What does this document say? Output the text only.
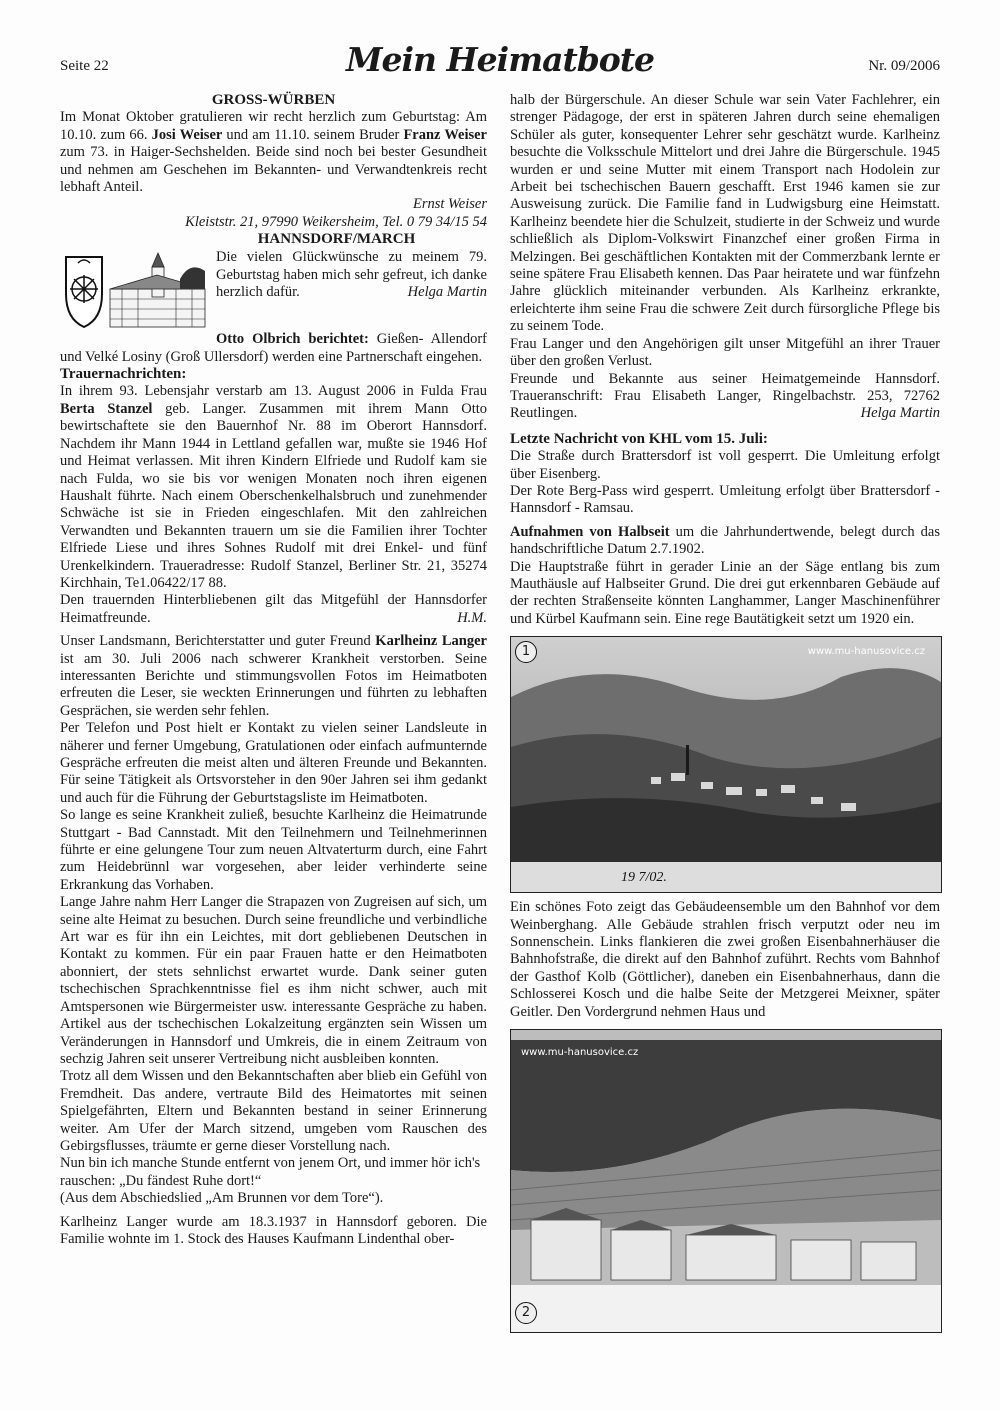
Seite 22	Mein Heimatbote	Nr. 09/2006

GROSS-WÜRBEN

Im Monat Oktober gratulieren wir recht herzlich zum Geburtstag: Am 10.10. zum 66. Josi Weiser und am 11.10. seinem Bruder Franz Weiser zum 73. in Haiger-Sechshelden. Beide sind noch bei bester Gesundheit und nehmen am Geschehen im Bekannten- und Verwandtenkreis recht lebhaft Anteil.

Ernst Weiser

Kleiststr. 21, 97990 Weikersheim, Tel. 0 79 34/15 54

HANNSDORF/MARCH

Die vielen Glückwünsche zu meinem 79. Geburtstag haben mich sehr gefreut, ich danke herzlich dafür.	Helga Martin

Otto Olbrich berichtet: Gießen- Allendorf und Velké Losiny (Groß Ullersdorf) werden eine Partnerschaft eingehen.

Trauernachrichten:

In ihrem 93. Lebensjahr verstarb am 13. August 2006 in Fulda Frau Berta Stanzel geb. Langer. Zusammen mit ihrem Mann Otto bewirtschaftete sie den Bauernhof Nr. 88 im Oberort Hannsdorf. Nachdem ihr Mann 1944 in Lettland gefallen war, mußte sie 1946 Hof und Heimat verlassen. Mit ihren Kindern Elfriede und Rudolf kam sie nach Fulda, wo sie bis vor wenigen Monaten noch ihren eigenen Haushalt führte. Nach einem Oberschenkelhalsbruch und zunehmender Schwäche ist sie in Frieden eingeschlafen. Mit den zahlreichen Verwandten und Bekannten trauern um sie die Familien ihrer Tochter Elfriede Liese und ihres Sohnes Rudolf mit drei Enkel- und fünf Urenkelkindern. Traueradresse: Rudolf Stanzel, Berliner Str. 21, 35274 Kirchhain, Te1.06422/17 88.

Den trauernden Hinterbliebenen gilt das Mitgefühl der Hannsdorfer Heimatfreunde.	H.M.

Unser Landsmann, Berichterstatter und guter Freund Karlheinz Langer ist am 30. Juli 2006 nach schwerer Krankheit verstorben. Seine interessanten Berichte und stimmungsvollen Fotos im Heimatboten erfreuten die Leser, sie weckten Erinnerungen und führten zu lebhaften Gesprächen, sie werden sehr fehlen.

Per Telefon und Post hielt er Kontakt zu vielen seiner Landsleute in näherer und ferner Umgebung, Gratulationen oder einfach aufmunternde Gespräche erfreuten die meist alten und älteren Freunde und Bekannten. Für seine Tätigkeit als Ortsvorsteher in den 90er Jahren sei ihm gedankt und auch für die Führung der Geburtstagsliste im Heimatboten.

So lange es seine Krankheit zuließ, besuchte Karlheinz die Heimatrunde Stuttgart - Bad Cannstadt. Mit den Teilnehmern und Teilnehmerinnen führte er eine gelungene Tour zum neuen Altvaterturm durch, eine Fahrt zum Heidebrünnl war vorgesehen, aber leider verhinderte seine Erkrankung das Vorhaben.

Lange Jahre nahm Herr Langer die Strapazen von Zugreisen auf sich, um seine alte Heimat zu besuchen. Durch seine freundliche und verbindliche Art war es für ihn ein Leichtes, mit dort gebliebenen Deutschen in Kontakt zu kommen. Für ein paar Frauen hatte er den Heimatboten abonniert, der stets sehnlichst erwartet wurde. Dank seiner guten tschechischen Sprachkenntnisse fiel es ihm nicht schwer, auch mit Amtspersonen wie Bürgermeister usw. interessante Gespräche zu haben. Artikel aus der tschechischen Lokalzeitung ergänzten sein Wissen um Veränderungen in Hannsdorf und Umkreis, die in einem Zeitraum von sechzig Jahren seit unserer Vertreibung nicht ausbleiben konnten.

Trotz all dem Wissen und den Bekanntschaften aber blieb ein Gefühl von Fremdheit. Das andere, vertraute Bild des Heimatortes mit seinen Spielgefährten, Eltern und Bekannten bestand in seiner Erinnerung weiter. Am Ufer der March sitzend, umgeben vom Rauschen des Gebirgsflusses, träumte er gerne dieser Vorstellung nach.

Nun bin ich manche Stunde entfernt von jenem Ort, und immer hör ich's rauschen: „Du fändest Ruhe dort!“

(Aus dem Abschiedslied „Am Brunnen vor dem Tore“).

Karlheinz Langer wurde am 18.3.1937 in Hannsdorf geboren. Die Familie wohnte im 1. Stock des Hauses Kaufmann Lindenthal ober-

halb der Bürgerschule. An dieser Schule war sein Vater Fachlehrer, ein strenger Pädagoge, der erst in späteren Jahren durch seine ehemaligen Schüler als guter, konsequenter Lehrer sehr geschätzt wurde. Karlheinz besuchte die Volksschule Mittelort und drei Jahre die Bürgerschule. 1945 wurden er und seine Mutter mit einem Transport nach Hodolein zur Arbeit bei tschechischen Bauern geschafft. Erst 1946 kamen sie zur Ausweisung zurück. Die Familie fand in Ludwigsburg eine Heimstatt. Karlheinz beendete hier die Schulzeit, studierte in der Schweiz und wurde schließlich als Diplom-Volkswirt Finanzchef einer großen Firma in Melzingen. Bei geschäftlichen Kontakten mit der Commerzbank lernte er seine spätere Frau Elisabeth kennen. Das Paar heiratete und war fünfzehn Jahre glücklich miteinander verbunden. Als Karlheinz erkrankte, erleichterte ihm seine Frau die schwere Zeit durch fürsorgliche Pflege bis zu seinem Tode.

Frau Langer und den Angehörigen gilt unser Mitgefühl an ihrer Trauer über den großen Verlust.

Freunde und Bekannte aus seiner Heimatgemeinde Hannsdorf. Traueranschrift: Frau Elisabeth Langer, Ringelbachstr. 253, 72762 Reutlingen.	Helga Martin

Letzte Nachricht von KHL vom 15. Juli:

Die Straße durch Brattersdorf ist voll gesperrt. Die Umleitung erfolgt über Eisenberg.

Der Rote Berg-Pass wird gesperrt. Umleitung erfolgt über Brattersdorf - Hannsdorf - Ramsau.

Aufnahmen von Halbseit um die Jahrhundertwende, belegt durch das handschriftliche Datum 2.7.1902.

Die Hauptstraße führt in gerader Linie an der Säge entlang bis zum Mauthäusle auf Halbseiter Grund. Die drei gut erkennbaren Gebäude auf der rechten Straßenseite könnten Langhammer, Langer Maschinenführer und Kürbel Kaufmann sein. Eine rege Bautätigkeit setzt um 1920 ein.

1	www.mu-hanusovice.cz
19 7/02.

Ein schönes Foto zeigt das Gebäudeensemble um den Bahnhof vor dem Weinberghang. Alle Gebäude strahlen frisch verputzt oder neu im Sonnenschein. Links flankieren die zwei großen Eisenbahnerhäuser die Bahnhofstraße, die direkt auf den Bahnhof zuführt. Rechts vom Bahnhof der Gasthof Kolb (Göttlicher), daneben ein Eisenbahnerhaus, dann die Schlosserei Kosch und die halbe Seite der Metzgerei Meixner, später Geitler. Den Vordergrund nehmen Haus und

2
www.mu-hanusovice.cz
